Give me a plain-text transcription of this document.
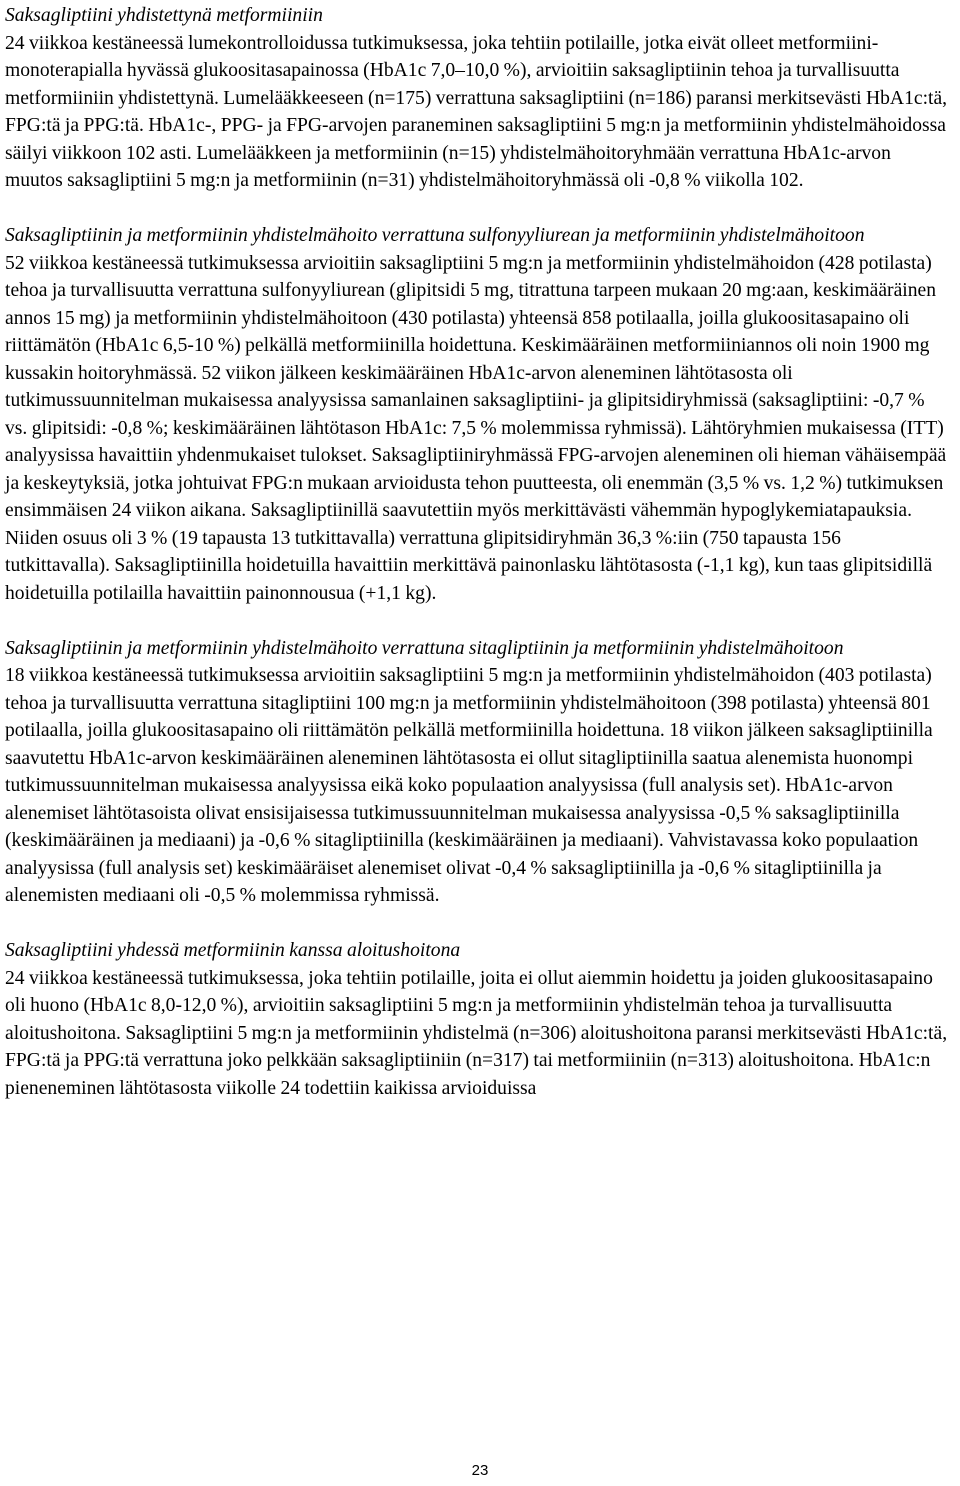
Saksagliptiini yhdistettynä metformiiniin

24 viikkoa kestäneessä lumekontrolloidussa tutkimuksessa, joka tehtiin potilaille, jotka eivät olleet metformiini-monoterapialla hyvässä glukoositasapainossa (HbA1c 7,0–10,0 %), arvioitiin saksagliptiinin tehoa ja turvallisuutta metformiiniin yhdistettynä. Lumelääkkeeseen (n=175) verrattuna saksagliptiini (n=186) paransi merkitsevästi HbA1c:tä, FPG:tä ja PPG:tä. HbA1c-, PPG- ja FPG-arvojen paraneminen saksagliptiini 5 mg:n ja metformiinin yhdistelmähoidossa säilyi viikkoon 102 asti. Lumelääkkeen ja metformiinin (n=15) yhdistelmähoitoryhmään verrattuna HbA1c-arvon muutos saksagliptiini 5 mg:n ja metformiinin (n=31) yhdistelmähoitoryhmässä oli -0,8 % viikolla 102.

Saksagliptiinin ja metformiinin yhdistelmähoito verrattuna sulfonyyliurean ja metformiinin yhdistelmähoitoon

52 viikkoa kestäneessä tutkimuksessa arvioitiin saksagliptiini 5 mg:n ja metformiinin yhdistelmähoidon (428 potilasta) tehoa ja turvallisuutta verrattuna sulfonyyliurean (glipitsidi 5 mg, titrattuna tarpeen mukaan 20 mg:aan, keskimääräinen annos 15 mg) ja metformiinin yhdistelmähoitoon (430 potilasta) yhteensä 858 potilaalla, joilla glukoositasapaino oli riittämätön (HbA1c 6,5-10 %) pelkällä metformiinilla hoidettuna. Keskimääräinen metformiiniannos oli noin 1900 mg kussakin hoitoryhmässä. 52 viikon jälkeen keskimääräinen HbA1c-arvon aleneminen lähtötasosta oli tutkimussuunnitelman mukaisessa analyysissa samanlainen saksagliptiini- ja glipitsidiryhmissä (saksagliptiini: -0,7 % vs. glipitsidi: -0,8 %; keskimääräinen lähtötason HbA1c: 7,5 % molemmissa ryhmissä). Lähtöryhmien mukaisessa (ITT) analyysissa havaittiin yhdenmukaiset tulokset. Saksagliptiiniryhmässä FPG-arvojen aleneminen oli hieman vähäisempää ja keskeytyksiä, jotka johtuivat FPG:n mukaan arvioidusta tehon puutteesta, oli enemmän (3,5 % vs. 1,2 %) tutkimuksen ensimmäisen 24 viikon aikana. Saksagliptiinillä saavutettiin myös merkittävästi vähemmän hypoglykemiatapauksia. Niiden osuus oli 3 % (19 tapausta 13 tutkittavalla) verrattuna glipitsidiryhmän 36,3 %:iin (750 tapausta 156 tutkittavalla). Saksagliptiinilla hoidetuilla havaittiin merkittävä painonlasku lähtötasosta (-1,1 kg), kun taas glipitsidillä hoidetuilla potilailla havaittiin painonnousua (+1,1 kg).

Saksagliptiinin ja metformiinin yhdistelmähoito verrattuna sitagliptiinin ja metformiinin yhdistelmähoitoon

18 viikkoa kestäneessä tutkimuksessa arvioitiin saksagliptiini 5 mg:n ja metformiinin yhdistelmähoidon (403 potilasta) tehoa ja turvallisuutta verrattuna sitagliptiini 100 mg:n ja metformiinin yhdistelmähoitoon (398 potilasta) yhteensä 801 potilaalla, joilla glukoositasapaino oli riittämätön pelkällä metformiinilla hoidettuna. 18 viikon jälkeen saksagliptiinilla saavutettu HbA1c-arvon keskimääräinen aleneminen lähtötasosta ei ollut sitagliptiinilla saatua alenemista huonompi tutkimussuunnitelman mukaisessa analyysissa eikä koko populaation analyysissa (full analysis set). HbA1c-arvon alenemiset lähtötasoista olivat ensisijaisessa tutkimussuunnitelman mukaisessa analyysissa -0,5 % saksagliptiinilla (keskimääräinen ja mediaani) ja -0,6 % sitagliptiinilla (keskimääräinen ja mediaani). Vahvistavassa koko populaation analyysissa (full analysis set) keskimääräiset alenemiset olivat -0,4 % saksagliptiinilla ja -0,6 % sitagliptiinilla ja alenemisten mediaani oli -0,5 % molemmissa ryhmissä.

Saksagliptiini yhdessä metformiinin kanssa aloitushoitona

24 viikkoa kestäneessä tutkimuksessa, joka tehtiin potilaille, joita ei ollut aiemmin hoidettu ja joiden glukoositasapaino oli huono (HbA1c 8,0-12,0 %), arvioitiin saksagliptiini 5 mg:n ja metformiinin yhdistelmän tehoa ja turvallisuutta aloitushoitona. Saksagliptiini 5 mg:n ja metformiinin yhdistelmä (n=306) aloitushoitona paransi merkitsevästi HbA1c:tä, FPG:tä ja PPG:tä verrattuna joko pelkkään saksagliptiiniin (n=317) tai metformiiniin (n=313) aloitushoitona. HbA1c:n pieneneminen lähtötasosta viikolle 24 todettiin kaikissa arvioiduissa

23
